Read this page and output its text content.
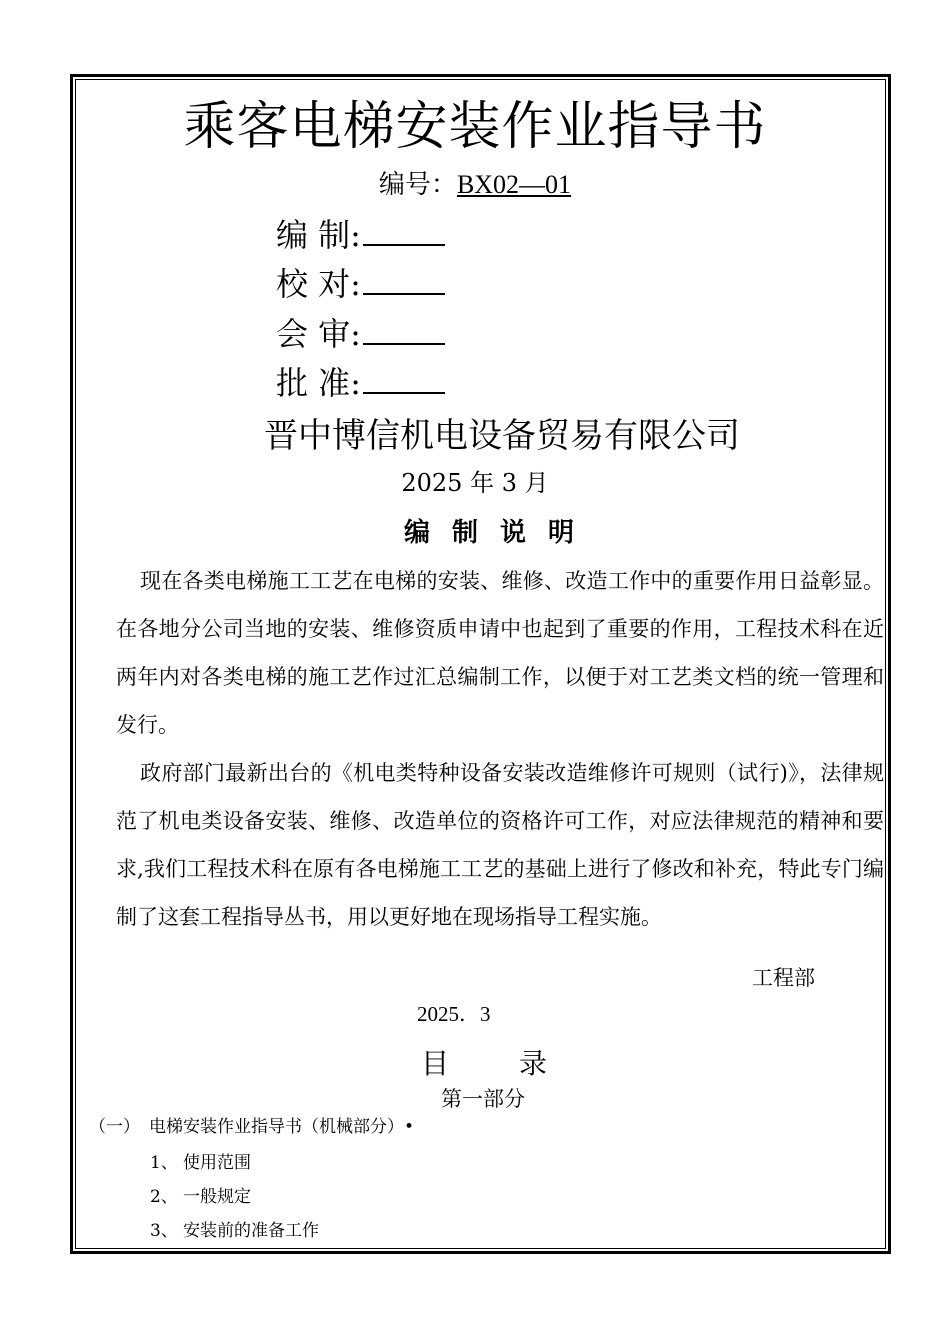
乘客电梯安装作业指导书
编号：BX02—01
编 制:
校 对:
会 审:
批 准:
晋中博信机电设备贸易有限公司
2025 年 3 月
编制说明
现在各类电梯施工工艺在电梯的安装、维修、改造工作中的重要作用日益彰显。在各地分公司当地的安装、维修资质申请中也起到了重要的作用，工程技术科在近两年内对各类电梯的施工艺作过汇总编制工作，以便于对工艺类文档的统一管理和发行。
政府部门最新出台的《机电类特种设备安装改造维修许可规则（试行)》，法律规范了机电类设备安装、维修、改造单位的资格许可工作，对应法律规范的精神和要求,我们工程技术科在原有各电梯施工工艺的基础上进行了修改和补充，特此专门编制了这套工程指导丛书，用以更好地在现场指导工程实施。
工程部
2025．3
目录
第一部分
（一） 电梯安装作业指导书（机械部分）•
1、 使用范围
2、 一般规定
3、 安装前的准备工作
